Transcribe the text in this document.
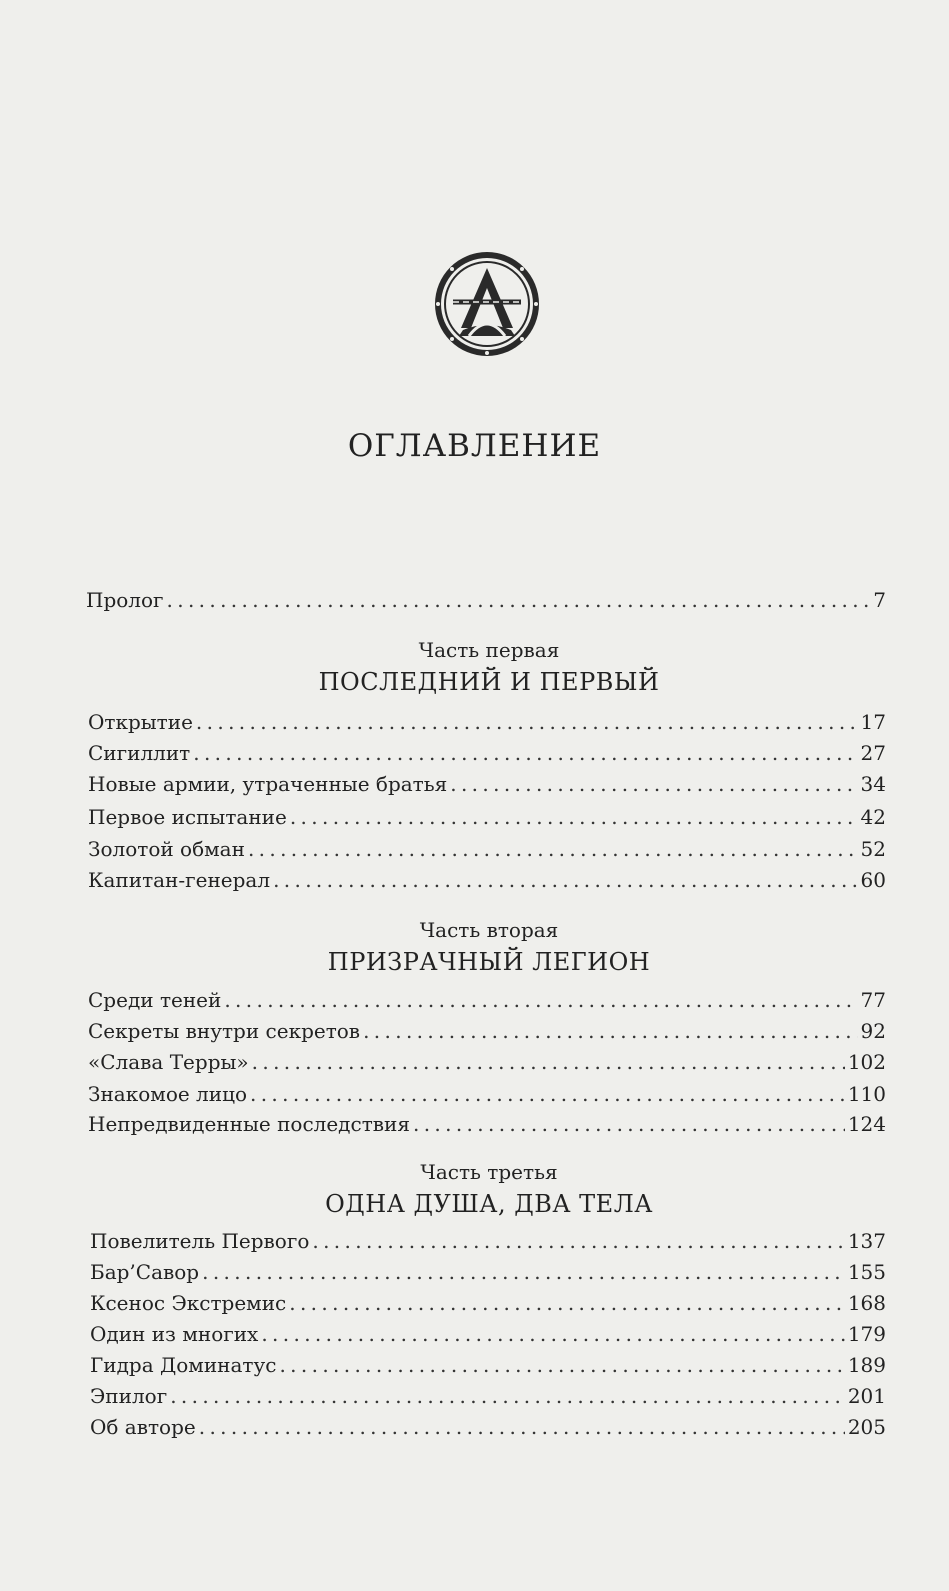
ОГЛАВЛЕНИЕ
Пролог . . .	7
Часть первая
ПОСЛЕДНИЙ И ПЕРВЫЙ
Открытие . . .	17
Сигиллит . . .	27
Новые армии, утраченные братья . . .	34
Первое испытание . . .	42
Золотой обман . . .	52
Капитан-генерал . . .	60
Часть вторая
ПРИЗРАЧНЫЙ ЛЕГИОН
Среди теней . . .	77
Секреты внутри секретов . . .	92
«Слава Терры» . . .	102
Знакомое лицо . . .	110
Непредвиденные последствия . . .	124
Часть третья
ОДНА ДУША, ДВА ТЕЛА
Повелитель Первого . . .	137
Бар’Савор . . .	155
Ксенос Экстремис . . .	168
Один из многих . . .	179
Гидра Доминатус . . .	189
Эпилог . . .	201
Об авторе . . .	205
